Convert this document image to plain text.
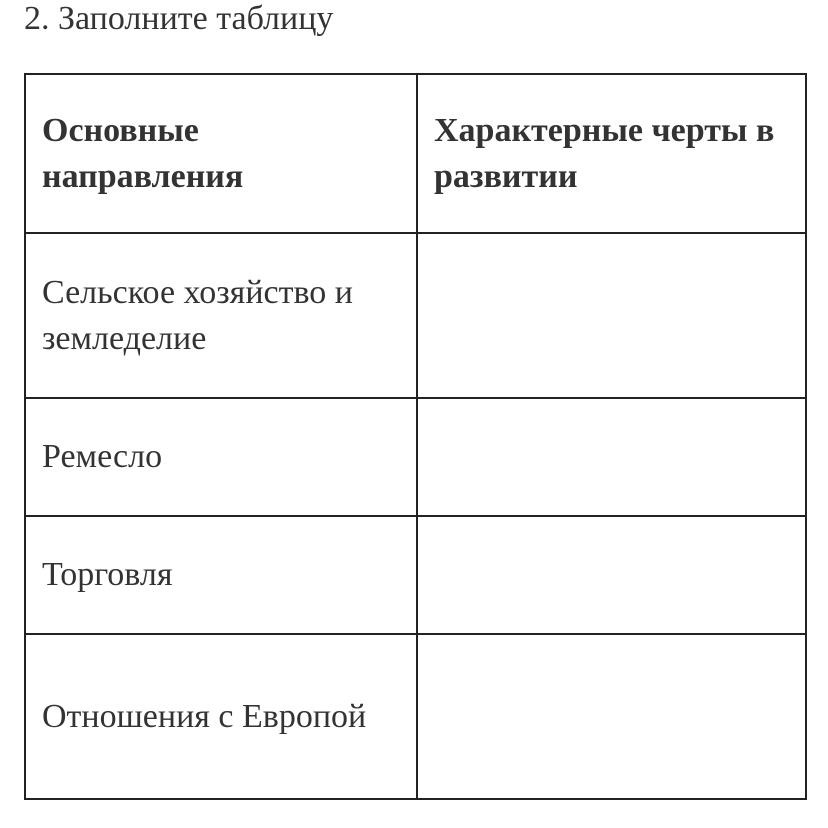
2. Заполните таблицу
Основные направления	Характерные черты в развитии
Сельское хозяйство и земледелие	
Ремесло	
Торговля	
Отношения с Европой	
